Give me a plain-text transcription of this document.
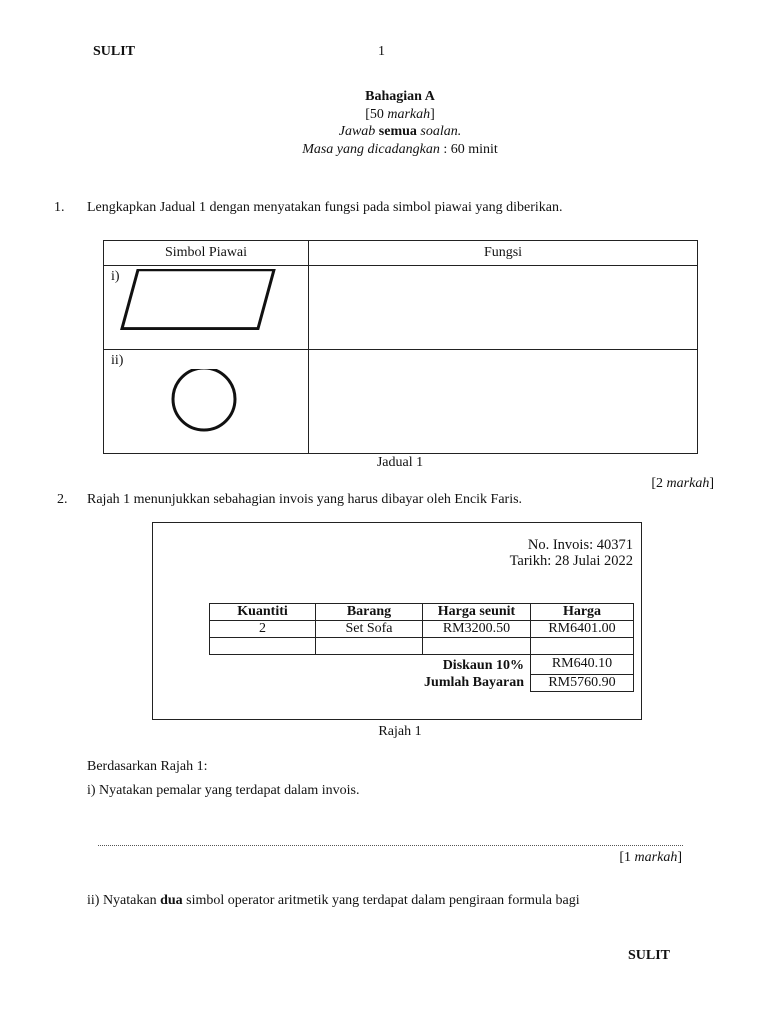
SULIT	1
Bahagian A
[50 markah]
Jawab semua soalan.
Masa yang dicadangkan : 60 minit
1. Lengkapkan Jadual 1 dengan menyatakan fungsi pada simbol piawai yang diberikan.
Simbol Piawai	Fungsi

i)	

ii)	

Jadual 1
[2 markah]
2. Rajah 1 menunjukkan sebahagian invois yang harus dibayar oleh Encik Faris.
No. Invois: 40371
Tarikh: 28 Julai 2022
Kuantiti	Barang	Harga seunit	Harga
2	Set Sofa	RM3200.50	RM6401.00

Diskaun 10%			RM640.10
Jumlah Bayaran			RM5760.90
Rajah 1
Berdasarkan Rajah 1:
i) Nyatakan pemalar yang terdapat dalam invois.
[1 markah]
ii) Nyatakan dua simbol operator aritmetik yang terdapat dalam pengiraan formula bagi
SULIT
